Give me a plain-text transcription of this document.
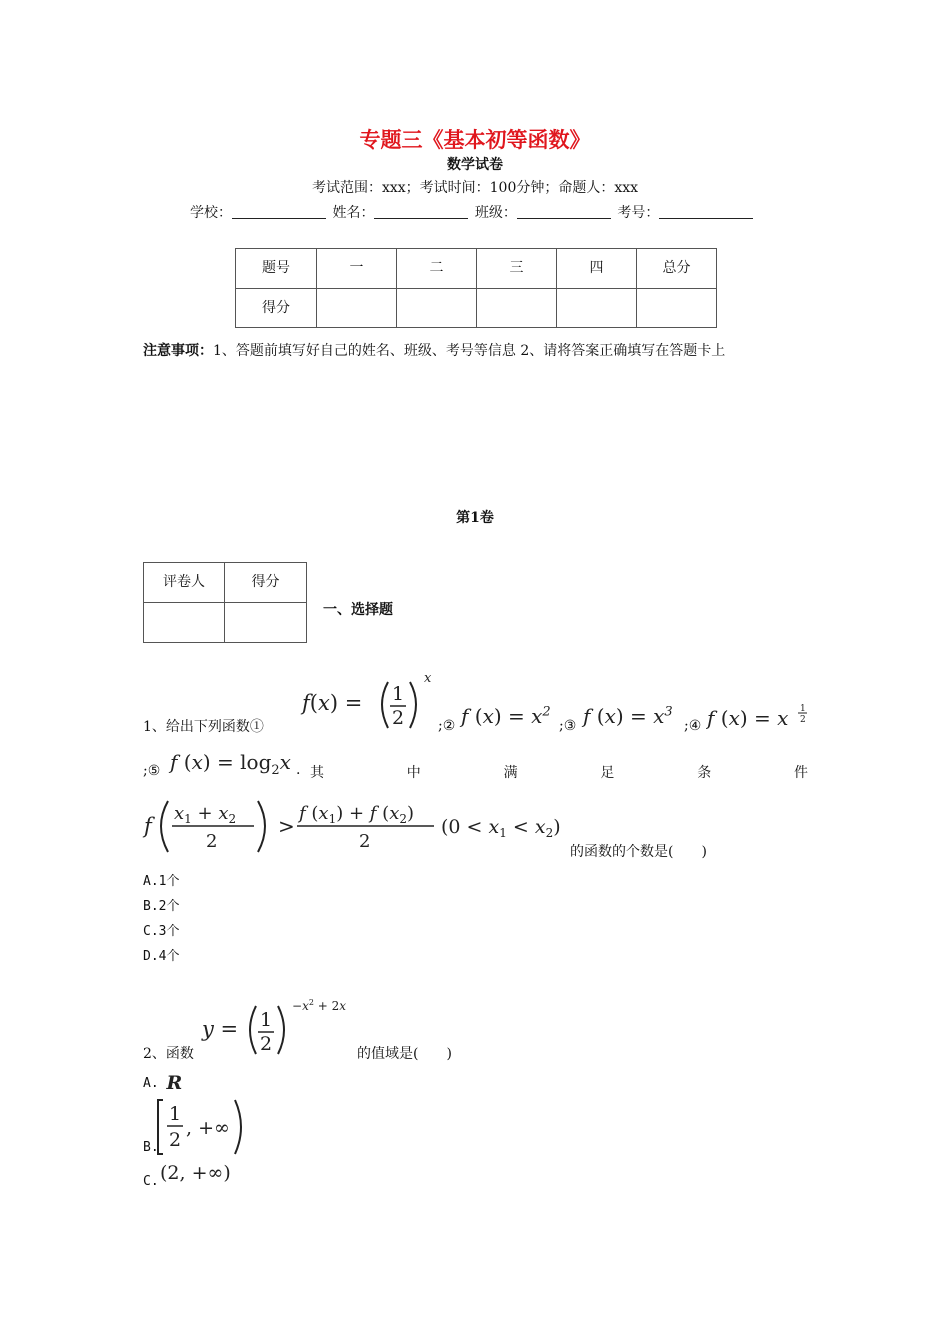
专题三《基本初等函数》
数学试卷
考试范围：xxx；考试时间：100分钟；命题人：xxx
学校：	姓名：	班级：	考号：
题号	一	二	三	四	总分
得分					
注意事项：1、答题前填写好自己的姓名、班级、考号等信息 2、请将答案正确填写在答题卡上
第1卷
评卷人	得分

一、选择题
1、给出下列函数①
f(x) = 1
2
x
;② f $(x) = x^2$
;③ f $(x) = x^3$
;④ f (x) = x 1
2
;⑤ f $(x) = \log_2x$ . 其	中	满	足	条	件
f
$x_1 + x_2$
2
>
f $(x_1) + f$ $(x_2)$
2
$(0 < x_1 < x_2)$
的函数的个数是(　　)
A.1个
B.2个
C.3个
D.4个
2、函数
y = 1
2
$-x^2 + 2x$
的值域是(　　)
A. R
B.
1
2
, +∞
C. (2, +∞)
